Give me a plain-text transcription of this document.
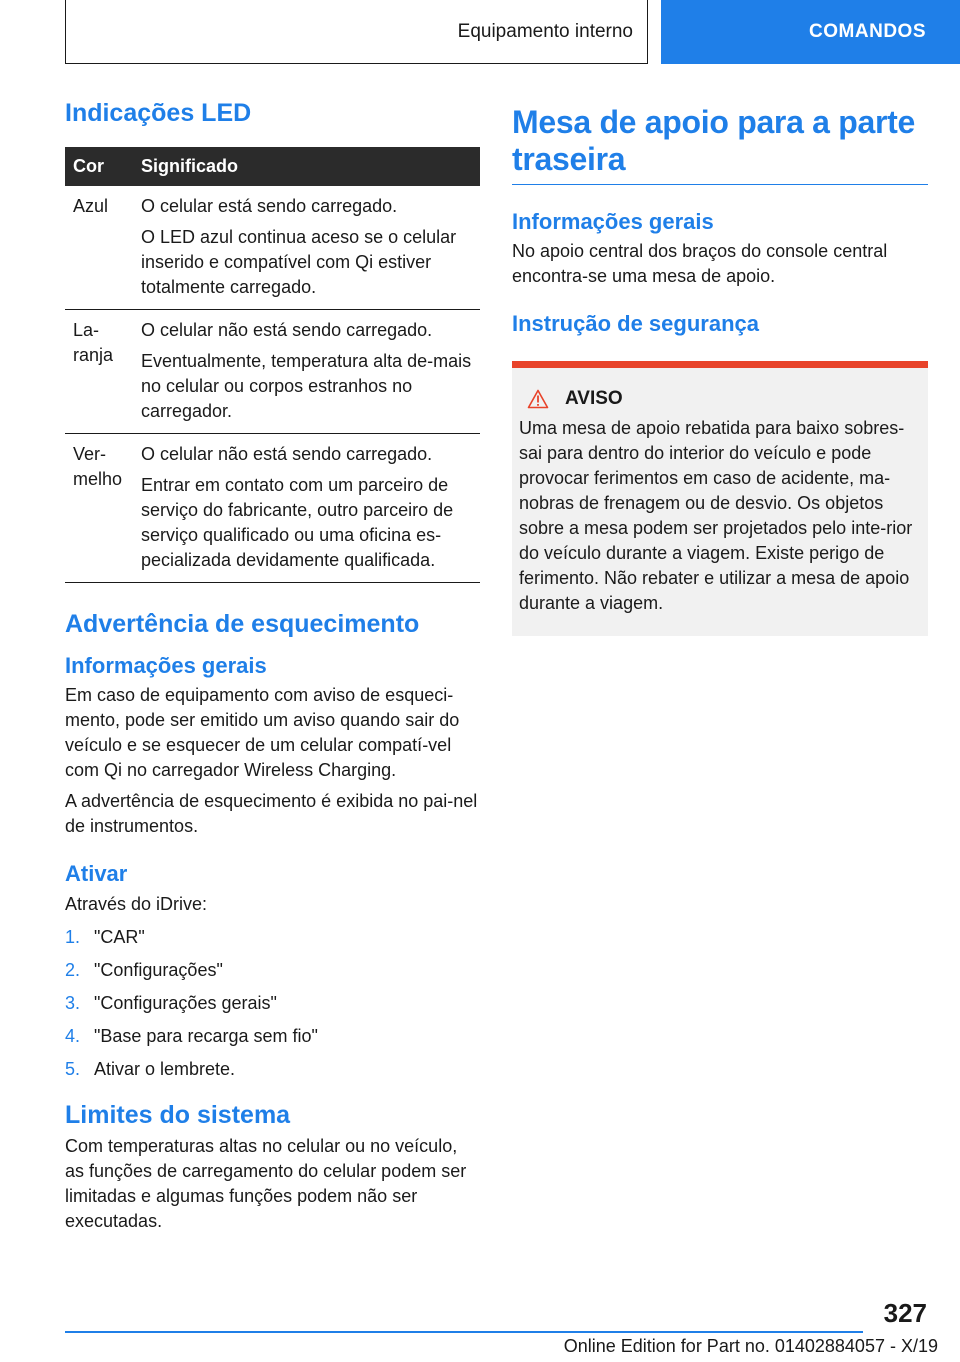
Equipamento interno	COMANDOS
Indicações LED
Cor	Significado
Azul	O celular está sendo carregado.

O LED azul continua aceso se o celular inserido e compatível com Qi estiver totalmente carregado.

La-ranja	O celular não está sendo carregado.

Eventualmente, temperatura alta de-mais no celular ou corpos estranhos no carregador.

Ver-melho	O celular não está sendo carregado.

Entrar em contato com um parceiro de serviço do fabricante, outro parceiro de serviço qualificado ou uma oficina es-pecializada devidamente qualificada.

Advertência de esquecimento
Informações gerais

Em caso de equipamento com aviso de esqueci-mento, pode ser emitido um aviso quando sair do veículo e se esquecer de um celular compatí-vel com Qi no carregador Wireless Charging.

A advertência de esquecimento é exibida no pai-nel de instrumentos.

Ativar

Através do iDrive:

1. "CAR"
2. "Configurações"
3. "Configurações gerais"
4. "Base para recarga sem fio"
5. Ativar o lembrete.
Limites do sistema

Com temperaturas altas no celular ou no veículo, as funções de carregamento do celular podem ser limitadas e algumas funções podem não ser executadas.

Mesa de apoio para a parte traseira
Informações gerais

No apoio central dos braços do console central encontra-se uma mesa de apoio.

Instrução de segurança
AVISO

Uma mesa de apoio rebatida para baixo sobres-sai para dentro do interior do veículo e pode provocar ferimentos em caso de acidente, ma-nobras de frenagem ou de desvio. Os objetos sobre a mesa podem ser projetados pelo inte-rior do veículo durante a viagem. Existe perigo de ferimento. Não rebater e utilizar a mesa de apoio durante a viagem.

327
Online Edition for Part no. 01402884057 - X/19
